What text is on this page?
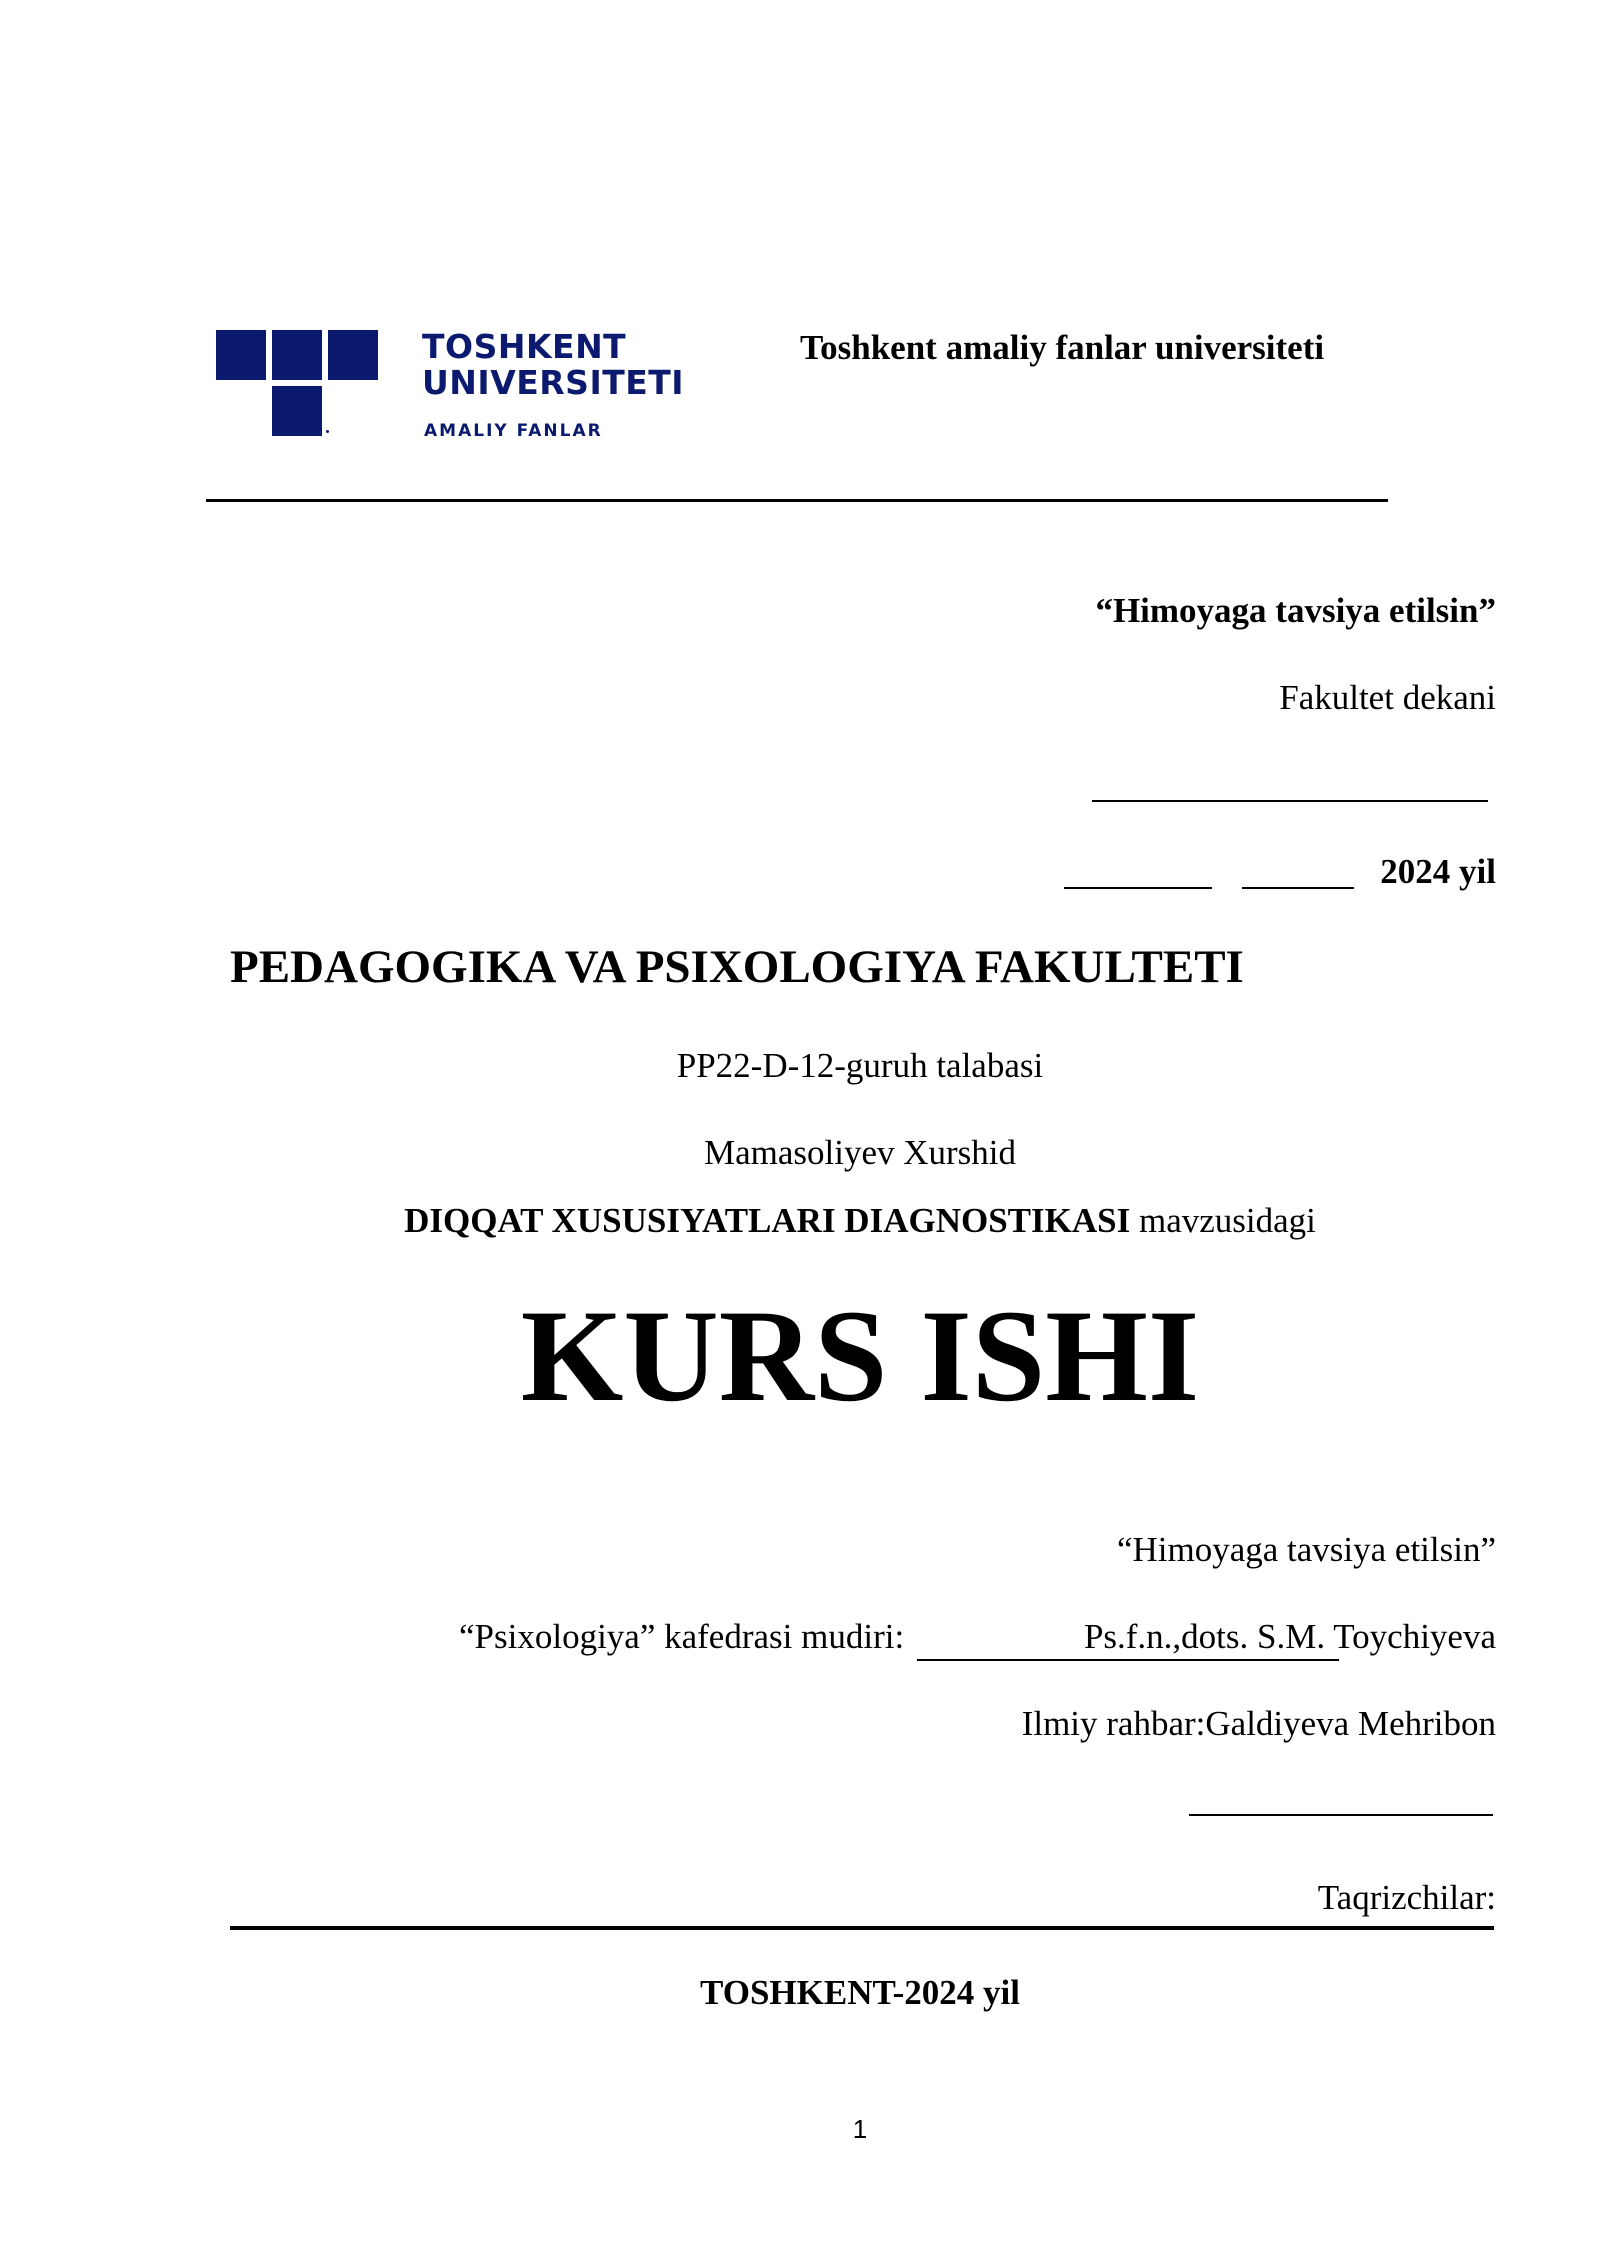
TOSHKENT
UNIVERSITETI
AMALIY FANLAR
Toshkent amaliy fanlar universiteti
“Himoyaga tavsiya etilsin”
Fakultet dekani
2024 yil
PEDAGOGIKA VA PSIXOLOGIYA FAKULTETI
PP22-D-12-guruh talabasi
Mamasoliyev Xurshid
DIQQAT XUSUSIYATLARI DIAGNOSTIKASI mavzusidagi
KURS ISHI
“Himoyaga tavsiya etilsin”
“Psixologiya” kafedrasi mudiri:	Ps.f.n.,dots. S.M. Toychiyeva
Ilmiy rahbar:Galdiyeva Mehribon
Taqrizchilar:
TOSHKENT-2024 yil
1
